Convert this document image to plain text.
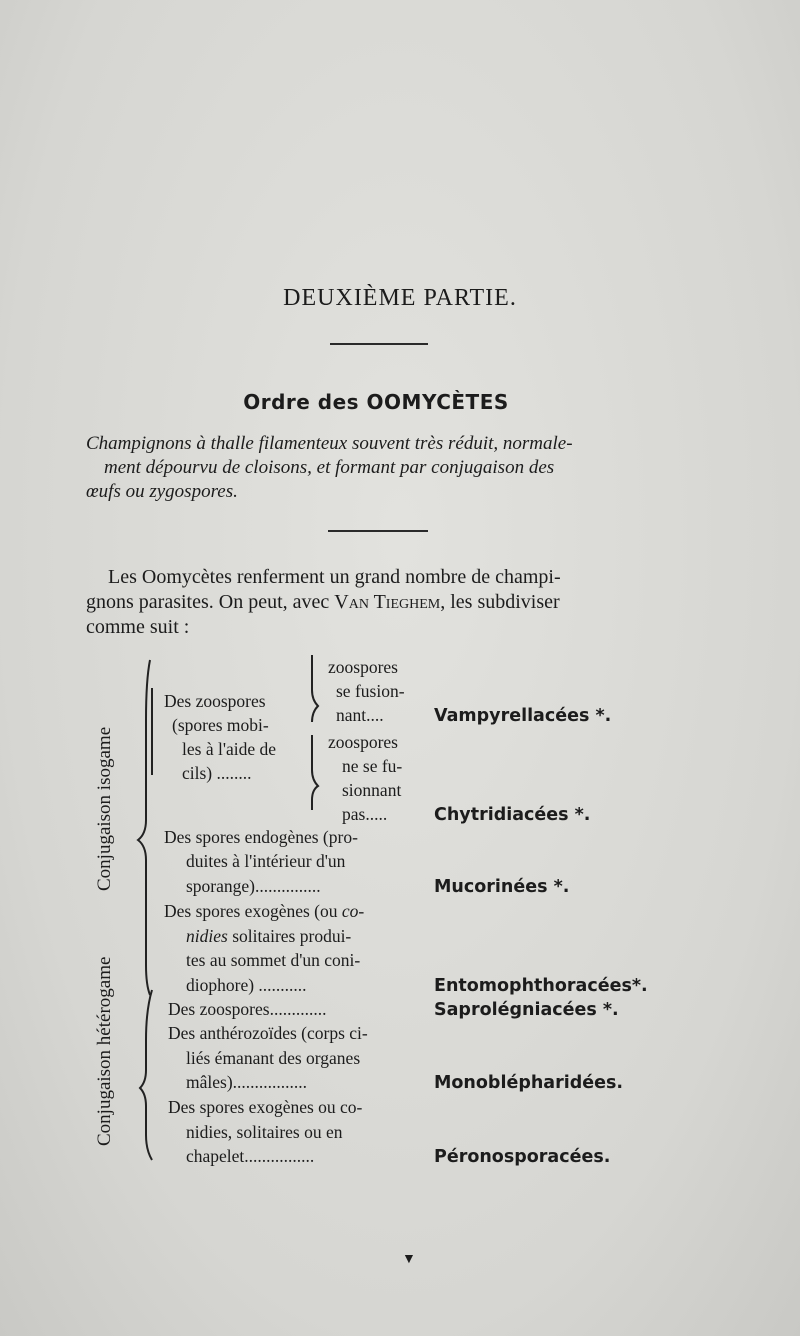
DEUXIÈME PARTIE.
Ordre des OOMYCÈTES
Champignons à thalle filamenteux souvent très réduit, normale-
ment dépourvu de cloisons, et formant par conjugaison des
œufs ou zygospores.
Les Oomycètes renferment un grand nombre de champi-
gnons parasites. On peut, avec Van Tieghem, les subdiviser
comme suit :
Conjugaison isogame
Conjugaison hétérogame
Des zoospores
(spores mobi-
les à l'aide de
cils) ........
zoospores
se fusion-
nant....	Vampyrellacées *.
zoospores
ne se fu-
sionnant
pas.....	Chytridiacées *.
Des spores endogènes (pro-
duites à l'intérieur d'un
sporange)...............	Mucorinées *.
Des spores exogènes (ou co-
nidies solitaires produi-
tes au sommet d'un coni-
diophore) ...........	Entomophthoracées*.
Des zoospores.............	Saprolégniacées *.
Des anthérozoïdes (corps ci-
liés émanant des organes
mâles).................	Monoblépharidées.
Des spores exogènes ou co-
nidies, solitaires ou en
chapelet................	Péronosporacées.
▼
